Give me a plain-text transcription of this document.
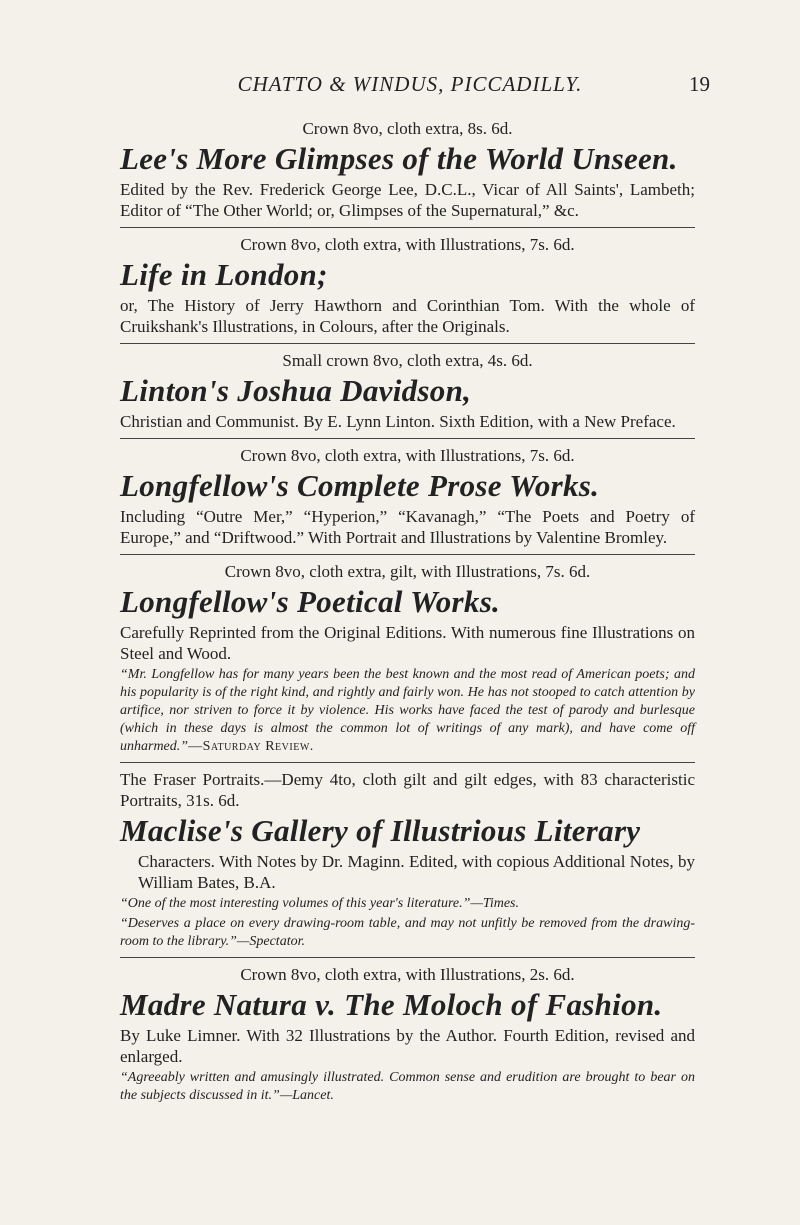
CHATTO & WINDUS, PICCADILLY.	19
Crown 8vo, cloth extra, 8s. 6d.
Lee's More Glimpses of the World Unseen.
Edited by the Rev. Frederick George Lee, D.C.L., Vicar of All Saints', Lambeth; Editor of “The Other World; or, Glimpses of the Supernatural,” &c.
Crown 8vo, cloth extra, with Illustrations, 7s. 6d.
Life in London;
or, The History of Jerry Hawthorn and Corinthian Tom. With the whole of Cruikshank's Illustrations, in Colours, after the Originals.
Small crown 8vo, cloth extra, 4s. 6d.
Linton's Joshua Davidson,
Christian and Communist. By E. Lynn Linton. Sixth Edition, with a New Preface.
Crown 8vo, cloth extra, with Illustrations, 7s. 6d.
Longfellow's Complete Prose Works.
Including “Outre Mer,” “Hyperion,” “Kavanagh,” “The Poets and Poetry of Europe,” and “Driftwood.” With Portrait and Illustrations by Valentine Bromley.
Crown 8vo, cloth extra, gilt, with Illustrations, 7s. 6d.
Longfellow's Poetical Works.
Carefully Reprinted from the Original Editions. With numerous fine Illustrations on Steel and Wood.
“Mr. Longfellow has for many years been the best known and the most read of American poets; and his popularity is of the right kind, and rightly and fairly won. He has not stooped to catch attention by artifice, nor striven to force it by violence. His works have faced the test of parody and burlesque (which in these days is almost the common lot of writings of any mark), and have come off unharmed.”—Saturday Review.
The Fraser Portraits.—Demy 4to, cloth gilt and gilt edges, with 83 characteristic Portraits, 31s. 6d.
Maclise's Gallery of Illustrious Literary
Characters. With Notes by Dr. Maginn. Edited, with copious Additional Notes, by William Bates, B.A.
“One of the most interesting volumes of this year's literature.”—Times.
“Deserves a place on every drawing-room table, and may not unfitly be removed from the drawing-room to the library.”—Spectator.
Crown 8vo, cloth extra, with Illustrations, 2s. 6d.
Madre Natura v. The Moloch of Fashion.
By Luke Limner. With 32 Illustrations by the Author. Fourth Edition, revised and enlarged.
“Agreeably written and amusingly illustrated. Common sense and erudition are brought to bear on the subjects discussed in it.”—Lancet.
